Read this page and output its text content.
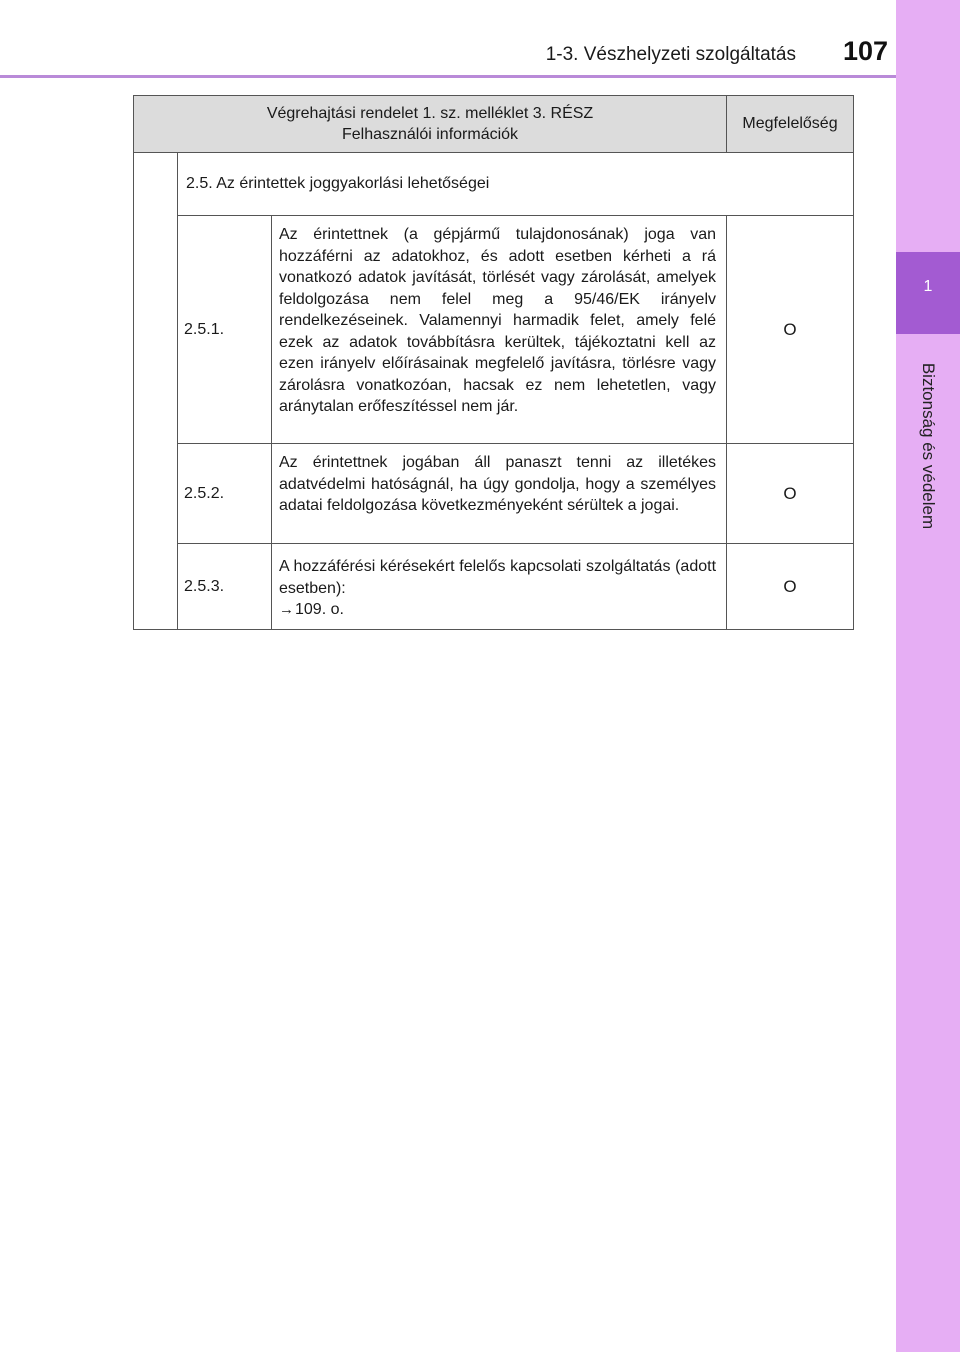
1-3. Vészhelyzeti szolgáltatás	107
1
Biztonság és védelem
Végrehajtási rendelet 1. sz. melléklet 3. RÉSZ
Felhasználói információk			Megfelelőség
	2.5. Az érintettek joggyakorlási lehetőségei		
	2.5.1.	Az érintettnek (a gépjármű tulajdonosának) joga van hozzáférni az adatokhoz, és adott esetben kérheti a rá vonatkozó adatok javítását, törlését vagy zárolását, amelyek feldolgozása nem felel meg a 95/46/EK irányelv rendelkezéseinek. Valamennyi harmadik felet, amely felé ezek az adatok továbbításra kerültek, tájékoztatni kell az ezen irányelv előírásainak megfelelő javításra, törlésre vagy zárolásra vonatkozóan, hacsak ez nem lehetetlen, vagy aránytalan erőfeszítéssel nem jár.	O
	2.5.2.	Az érintettnek jogában áll panaszt tenni az illetékes adatvédelmi hatóságnál, ha úgy gondolja, hogy a személyes adatai feldolgozása következményeként sérültek a jogai.	O
	2.5.3.	A hozzáférési kérésekért felelős kapcsolati szolgáltatás (adott esetben):
→109. o.	O
